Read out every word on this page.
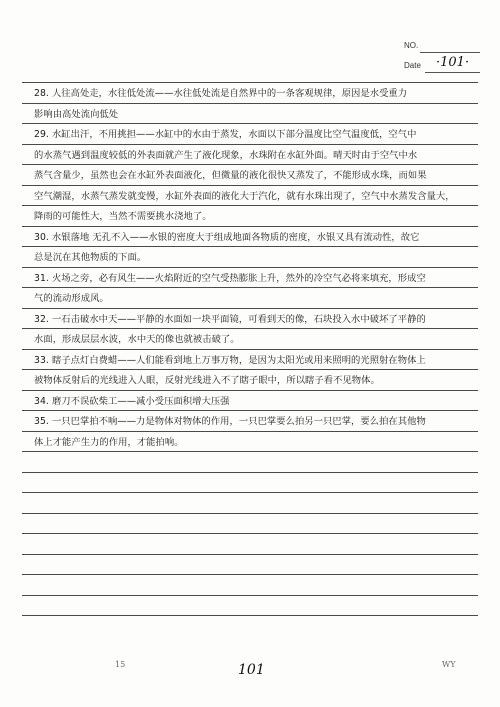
NO.
Date ·101·
28. 人往高处走，水往低处流——水往低处流是自然界中的一条客观规律，原因是水受重力
影响由高处流向低处
29. 水缸出汗，不用挑担——水缸中的水由于蒸发，水面以下部分温度比空气温度低，空气中
的水蒸气遇到温度较低的外表面就产生了液化现象，水珠附在水缸外面。晴天时由于空气中水
蒸气含量少，虽然也会在水缸外表面液化，但微量的液化很快又蒸发了，不能形成水珠，而如果
空气潮湿，水蒸气蒸发就变慢，水缸外表面的液化大于汽化，就有水珠出现了，空气中水蒸发含量大，
降雨的可能性大，当然不需要挑水浇地了。
30. 水银落地 无孔不入——水银的密度大于组成地面各物质的密度，水银又具有流动性，故它
总是沉在其他物质的下面。
31. 火场之旁，必有风生——火焰附近的空气受热膨胀上升，然外的冷空气必将来填充，形成空
气的流动形成风。
32. 一石击破水中天——平静的水面如一块平面镜，可看到天的像，石块投入水中破坏了平静的
水面，形成层层水波，水中天的像也就被击破了。
33. 瞎子点灯白费蜡——人们能看到地上万事万物，是因为太阳光或用来照明的光照射在物体上
被物体反射后的光线进入人眼，反射光线进入不了瞎子眼中，所以瞎子看不见物体。
34. 磨刀不误砍柴工——减小受压面积增大压强
35. 一只巴掌拍不响——力是物体对物体的作用，一只巴掌要么拍另一只巴掌，要么拍在其他物
体上才能产生力的作用，才能拍响。
15	101	WY
